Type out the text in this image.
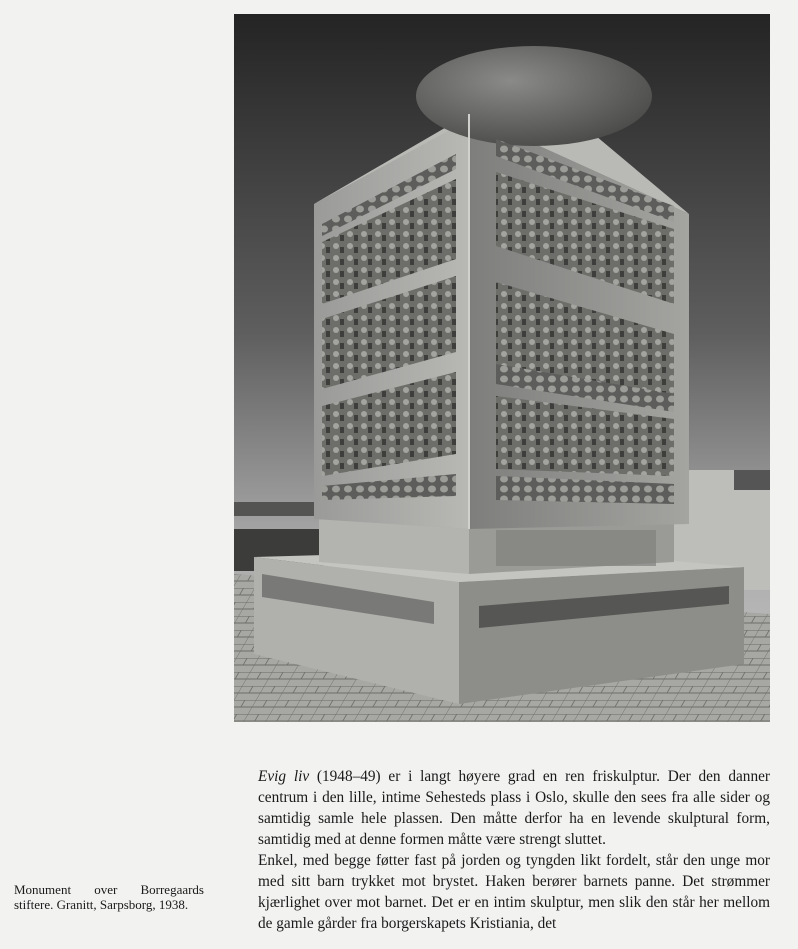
Monument over Borregaards stiftere. Granitt, Sarpsborg, 1938.

Evig liv (1948–49) er i langt høyere grad en ren friskulptur. Der den danner centrum i den lille, intime Sehesteds plass i Oslo, skulle den sees fra alle sider og samtidig samle hele plassen. Den måtte derfor ha en levende skulptural form, samtidig med at denne formen måtte være strengt sluttet.

Enkel, med begge føtter fast på jorden og tyngden likt fordelt, står den unge mor med sitt barn trykket mot brystet. Haken berører barnets panne. Det strømmer kjærlighet over mot barnet. Det er en intim skulptur, men slik den står her mellom de gamle gårder fra borgerskapets Kristiania, det
